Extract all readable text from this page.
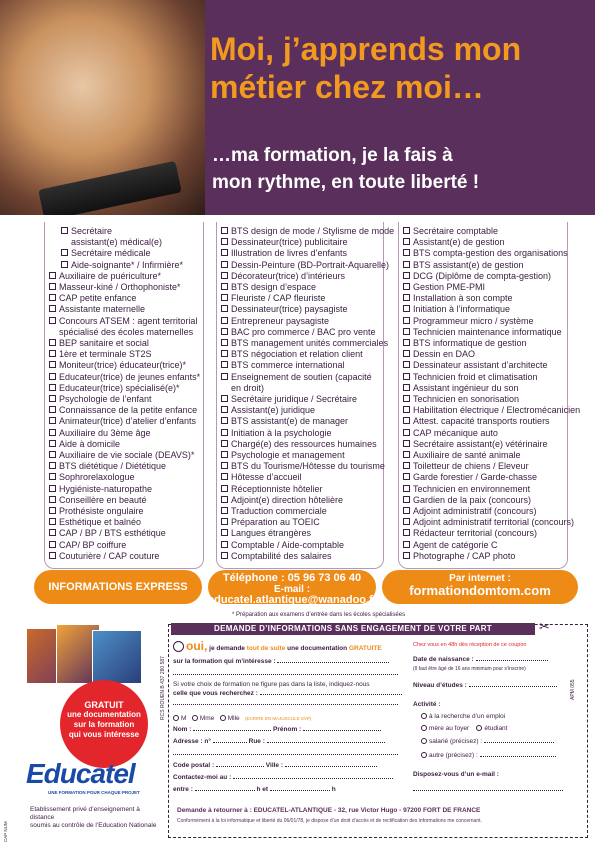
Moi, j’apprends mon
métier chez moi…
…ma formation, je la fais à
mon rythme, en toute liberté !
Secrétaire
assistant(e) médical(e)
Secrétaire médicale
Aide-soignante* / Infirmière*
Auxiliaire de puériculture*
Masseur-kiné / Orthophoniste*
CAP petite enfance
Assistante maternelle
Concours ATSEM : agent territorial
spécialisé des écoles maternelles
BEP sanitaire et social
1ère et terminale ST2S
Moniteur(trice) éducateur(trice)*
Educateur(trice) de jeunes enfants*
Educateur(trice) spécialisé(e)*
Psychologie de l’enfant
Connaissance de la petite enfance
Animateur(trice) d’atelier d’enfants
Auxiliaire du 3ème âge
Aide à domicile
Auxiliaire de vie sociale (DEAVS)*
BTS diététique / Diététique
Sophrorelaxologue
Hygiéniste-naturopathe
Conseillère en beauté
Prothésiste ongulaire
Esthétique et balnéo
CAP / BP / BTS esthétique
CAP/ BP coiffure
Couturière / CAP couture
BTS design de mode / Stylisme de mode
Dessinateur(trice) publicitaire
Illustration de livres d’enfants
Dessin-Peinture (BD-Portrait-Aquarelle)
Décorateur(trice) d’intérieurs
BTS design d’espace
Fleuriste / CAP fleuriste
Dessinateur(trice) paysagiste
Entrepreneur paysagiste
BAC pro commerce / BAC pro vente
BTS management unités commerciales
BTS négociation et relation client
BTS commerce international
Enseignement de soutien (capacité
en droit)
Secrétaire juridique / Secrétaire
Assistant(e) juridique
BTS assistant(e) de manager
Initiation à la psychologie
Chargé(e) des ressources humaines
Psychologie et management
BTS du Tourisme/Hôtesse du tourisme
Hôtesse d’accueil
Réceptionniste hôtelier
Adjoint(e) direction hôtelière
Traduction commerciale
Préparation au TOEIC
Langues étrangères
Comptable / Aide-comptable
Comptabilité des salaires
Secrétaire comptable
Assistant(e) de gestion
BTS compta-gestion des organisations
BTS assistant(e) de gestion
DCG (Diplôme de compta-gestion)
Gestion PME-PMI
Installation à son compte
Initiation à l’informatique
Programmeur micro / système
Technicien maintenance informatique
BTS informatique de gestion
Dessin en DAO
Dessinateur assistant d’architecte
Technicien froid et climatisation
Assistant ingénieur du son
Technicien en sonorisation
Habilitation électrique / Electromécanicien
Attest. capacité transports routiers
CAP mécanique auto
Secrétaire assistant(e) vétérinaire
Auxiliaire de santé animale
Toiletteur de chiens / Eleveur
Garde forestier / Garde-chasse
Technicien en environnement
Gardien de la paix (concours)
Adjoint administratif (concours)
Adjoint administratif territorial (concours)
Rédacteur territorial (concours)
Agent de catégorie C
Photographe / CAP photo
INFORMATIONS EXPRESS
Téléphone : 05 96 73 06 40
E-mail :
educatel.atlantique@wanadoo.fr
Par internet :
formationdomtom.com
* Préparation aux examens d’entrée dans les écoles spécialisées
GRATUIT
une documentation
sur la formation
qui vous intéresse
Educatel
UNE FORMATION POUR CHAQUE PROJET
Etablissement privé d’enseignement à distance
soumis au contrôle de l’Education Nationale
RCS ROUEN B 437 280 587
CAP NUM
DEMANDE D’INFORMATIONS SANS ENGAGEMENT DE VOTRE PART	✂
oui, je demande tout de suite une documentation GRATUITE
sur la formation qui m’intéresse :
Si votre choix de formation ne figure pas dans la liste, indiquez-nous
celle que vous recherchez :
M Mme Mlle (ECRIRE EN MAJUSCULE SVP)
Nom :	Prénom :
Adresse : n°	Rue :
Code postal :	Ville :
Contactez-moi au :
entre :	h et	h
Chez vous en 48h dès réception de ce coupon
Date de naissance :
(Il faut être âgé de 16 ans minimum pour s’inscrire)
Niveau d’études :
Activité :
à la recherche d’un emploi
mère au foyer étudiant
salarié (précisez) :
autre (précisez) :
Disposez-vous d’un e-mail :
Demande à retourner à : EDUCATEL-ATLANTIQUE - 32, rue Victor Hugo - 97200 FORT DE FRANCE
Conformément à la loi informatique et liberté du 06/01/78, je dispose d’un droit d’accès et de rectification des informations me concernant.
APM 055
